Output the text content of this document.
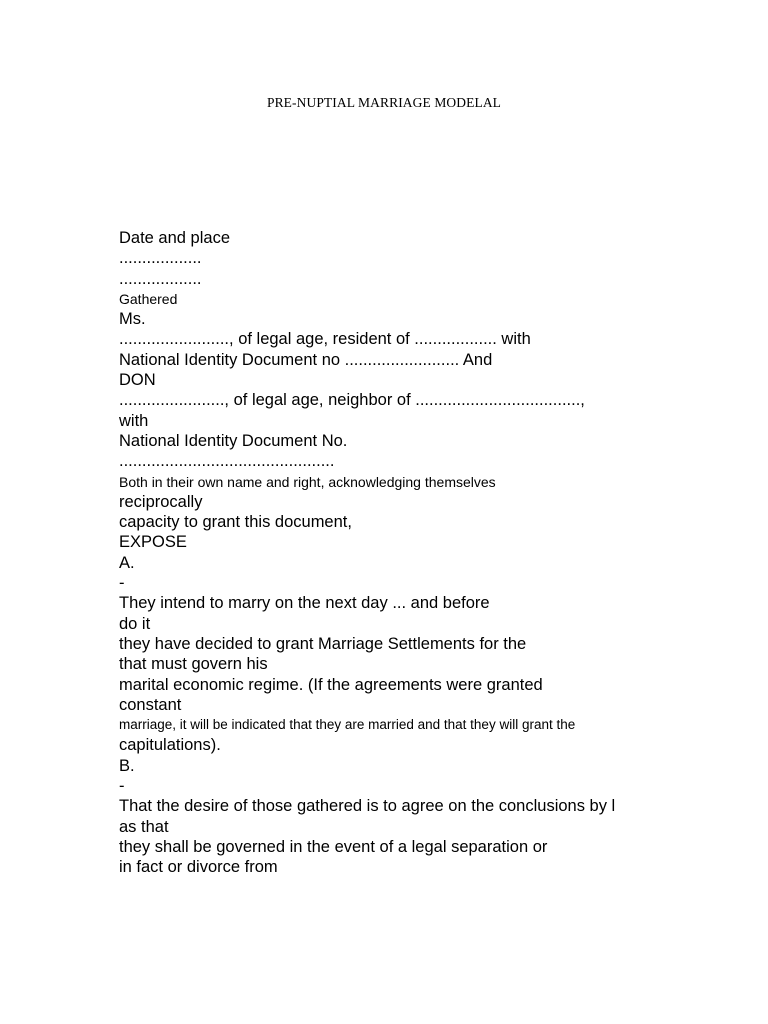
PRE-NUPTIAL MARRIAGE MODELAL
Date and place
..................
..................
Gathered
Ms.
........................, of legal age, resident of .................. with
National Identity Document no ......................... And
DON
......................., of legal age, neighbor of ....................................,
with
National Identity Document No.
...............................................
Both in their own name and right, acknowledging themselves
reciprocally
capacity to grant this document,
EXPOSE
A.
-
They intend to marry on the next day ... and before
do it
they have decided to grant Marriage Settlements for the
that must govern his
marital economic regime. (If the agreements were granted
constant
marriage, it will be indicated that they are married and that they will grant the
capitulations).
B.
-
That the desire of those gathered is to agree on the conclusions by l
as that
they shall be governed in the event of a legal separation or
in fact or divorce from
